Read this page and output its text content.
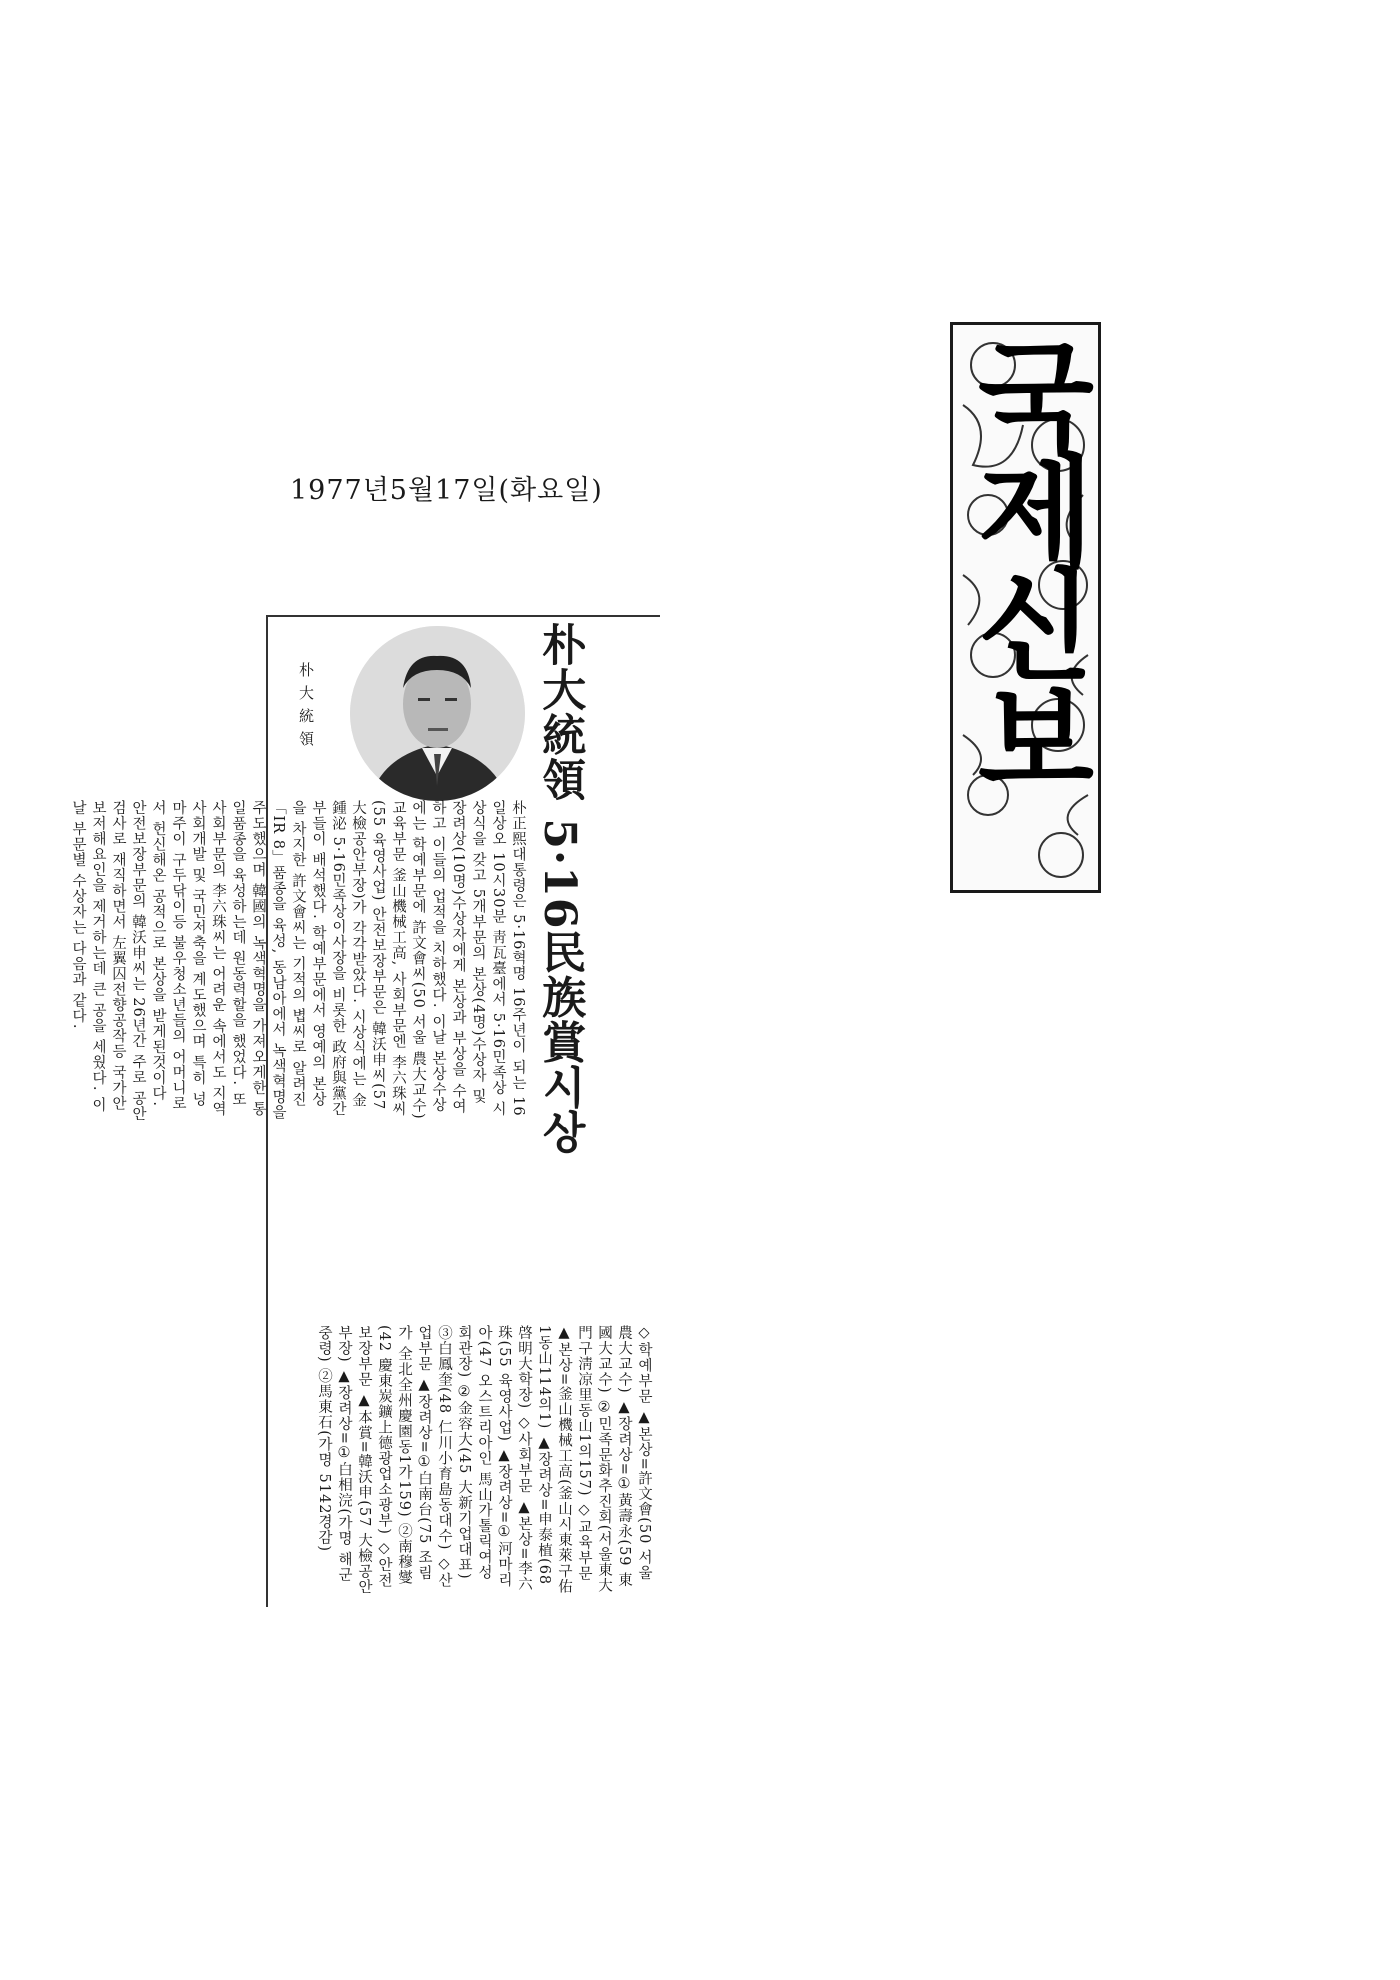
1977년5월17일(화요일)
朴大統領	朴大統領 5·16民族賞시상

朴正熙대통령은 5·16혁명 16주년이 되는 16일상오 10시30분 靑瓦臺에서 5·16민족상 시상식을 갖고 5개부문의 본상(4명)수상자 및 장려상(10명)수상자에게 본상과 부상을 수여하고 이들의 업적을 치하했다. 이날 본상수상에는 학예부문에 許文會씨(50 서울 農大교수) 교육부문 釜山機械工高, 사회부문엔 李六珠씨(55 육영사업) 안전보장부문은 韓沃申씨(57 大檢공안부장)가 각각받았다. 시상식에는 金鍾泌 5·16민족상이사장을 비롯한 政府與黨간부들이 배석했다. 학예부문에서 영예의 본상을 차지한 許文會씨는 기적의 볍씨로 알려진「IR 8」품종을 육성, 동남아에서 녹색혁명을 주도했으며 韓國의 녹색혁명을 가져오게한 통일품종을 육성하는데 원동력할을 했었다. 또 사회부문의 李六珠씨는 어려운 속에서도 지역사회개발 및 국민저축을 계도했으며 특히 넝마주이 구두닦이등 불우청소년들의 어머니로서 헌신해온 공적으로 본상을 받게된것이다. 안전보장부문의 韓沃申씨는 26년간 주로 공안검사로 재직하면서 左翼囚전향공작등 국가안보저해요인을 제거하는데 큰 공을 세웠다. 이날 부문별 수상자는 다음과 같다.

◇학예부문 ▲본상=許文會(50 서울農大교수) ▲장려상=①黃壽永(59 東國大교수) ②민족문화추진회(서울東大門구淸凉里동山1의157) ◇교육부문 ▲본상=釜山機械工高(釜山시東萊구佑1동山114의1) ▲장려상=申泰植(68 啓明大학장) ◇사회부문 ▲본상=李六珠(55 육영사업) ▲장려상=①河마리아(47 오스트리아인 馬山가톨릭여성회관장) ②金容大(45 大新기업대표) ③白鳳奎(48 仁川小育島동대수) ◇산업부문 ▲장려상=①白南台(75 조림가 全北全州慶園동1가159) ②南穆燮(42 慶東炭鑛上德광업소광부) ◇안전보장부문 ▲本賞=韓沃申(57 大檢공안부장) ▲장려상=①白相浣(가명 해군중령) ②馬東石(가명 5142경감)

국제신보
